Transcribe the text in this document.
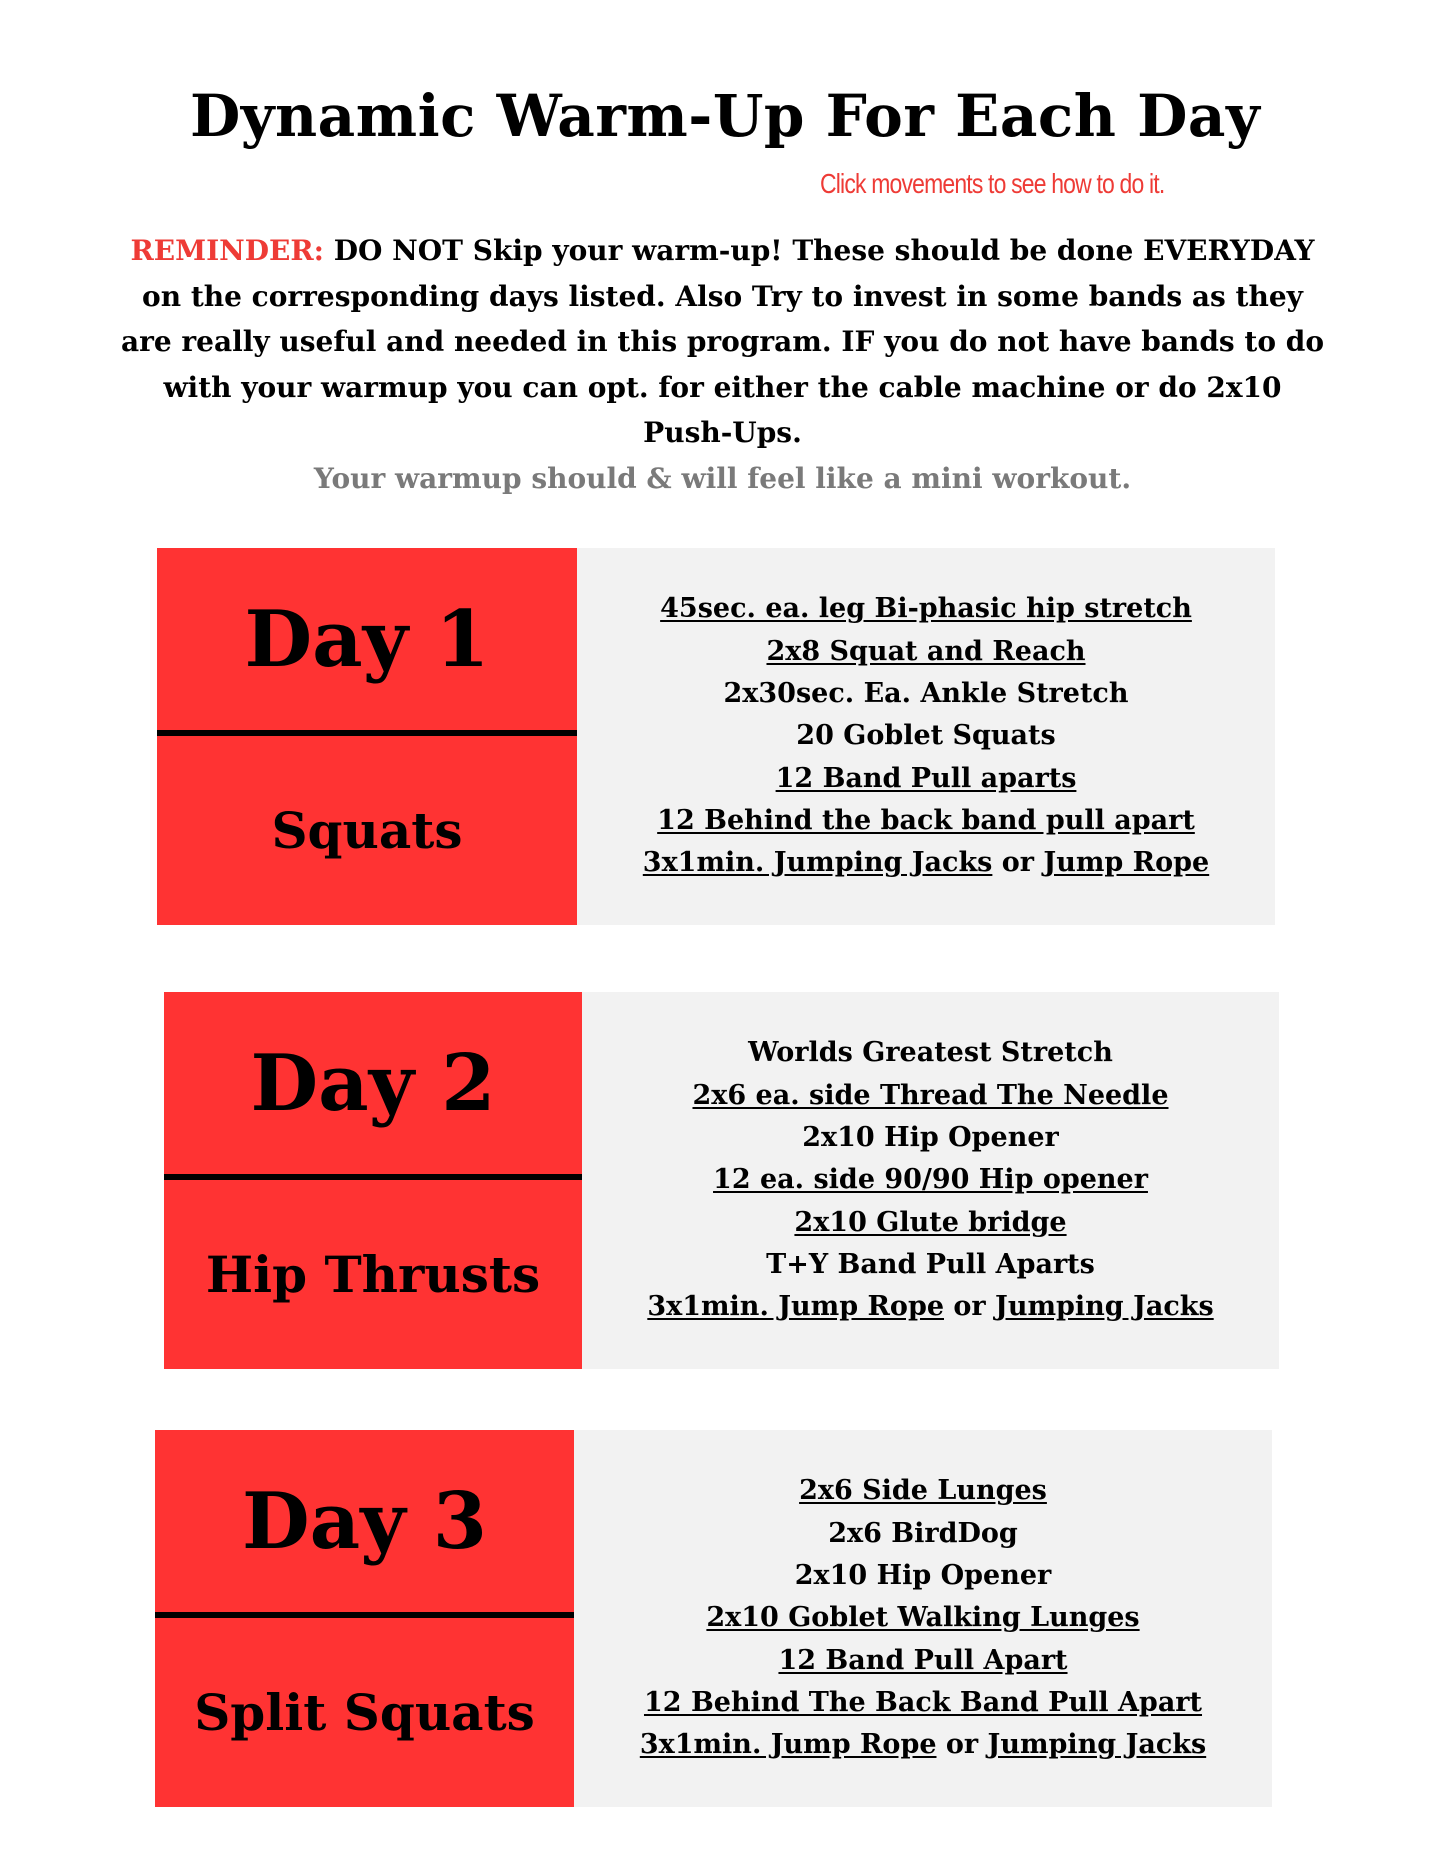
Dynamic Warm-Up For Each Day
Click movements to see how to do it.
REMINDER: DO NOT Skip your warm-up! These should be done EVERYDAY on the corresponding days listed. Also Try to invest in some bands as they are really useful and needed in this program. IF you do not have bands to do with your warmup you can opt. for either the cable machine or do 2x10 Push-Ups.
Your warmup should & will feel like a mini workout.
Day 1
Squats
45sec. ea. leg Bi-phasic hip stretch
2x8 Squat and Reach
2x30sec. Ea. Ankle Stretch
20 Goblet Squats
12 Band Pull aparts
12 Behind the back band pull apart
3x1min. Jumping Jacks or Jump Rope
Day 2
Hip Thrusts
Worlds Greatest Stretch
2x6 ea. side Thread The Needle
2x10 Hip Opener
12 ea. side 90/90 Hip opener
2x10 Glute bridge
T+Y Band Pull Aparts
3x1min. Jump Rope or Jumping Jacks
Day 3
Split Squats
2x6 Side Lunges
2x6 BirdDog
2x10 Hip Opener
2x10 Goblet Walking Lunges
12 Band Pull Apart
12 Behind The Back Band Pull Apart
3x1min. Jump Rope or Jumping Jacks
